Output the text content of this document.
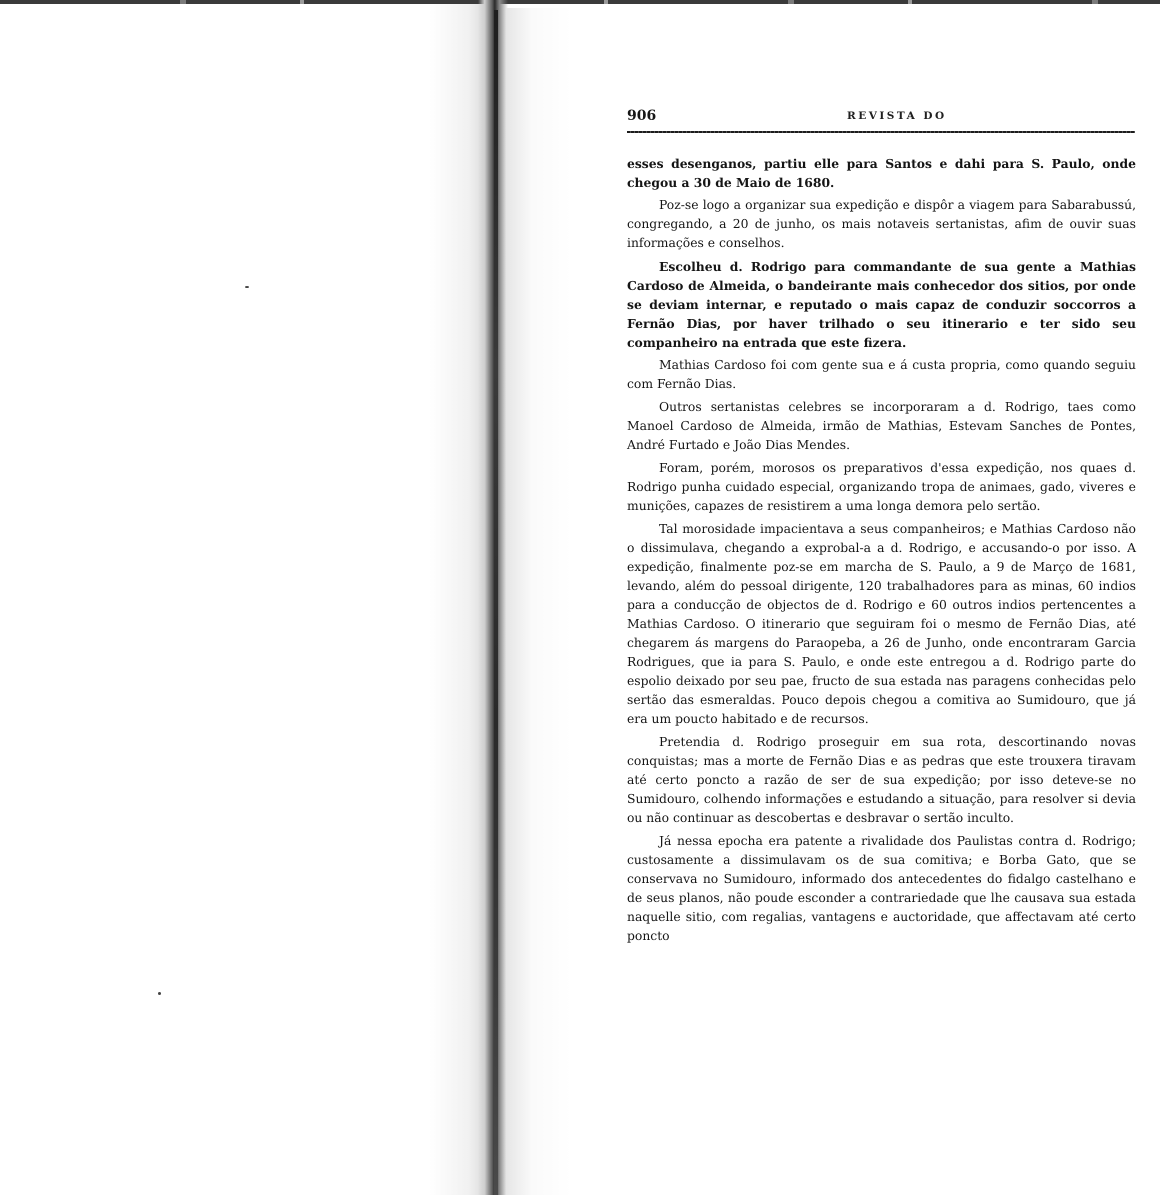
906	REVISTA DO

esses desenganos, partiu elle para Santos e dahi para S. Paulo, onde chegou a 30 de Maio de 1680.

Poz-se logo a organizar sua expedição e dispôr a viagem para Sabarabussú, congregando, a 20 de junho, os mais notaveis sertanistas, afim de ouvir suas informações e conselhos.

Escolheu d. Rodrigo para commandante de sua gente a Mathias Cardoso de Almeida, o bandeirante mais conhecedor dos sitios, por onde se deviam internar, e reputado o mais capaz de conduzir soccorros a Fernão Dias, por haver trilhado o seu itinerario e ter sido seu companheiro na entrada que este fizera.

Mathias Cardoso foi com gente sua e á custa propria, como quando seguiu com Fernão Dias.

Outros sertanistas celebres se incorporaram a d. Rodrigo, taes como Manoel Cardoso de Almeida, irmão de Mathias, Estevam Sanches de Pontes, André Furtado e João Dias Mendes.

Foram, porém, morosos os preparativos d'essa expedição, nos quaes d. Rodrigo punha cuidado especial, organizando tropa de animaes, gado, viveres e munições, capazes de resistirem a uma longa demora pelo sertão.

Tal morosidade impacientava a seus companheiros; e Mathias Cardoso não o dissimulava, chegando a exprobal-a a d. Rodrigo, e accusando-o por isso. A expedição, finalmente poz-se em marcha de S. Paulo, a 9 de Março de 1681, levando, além do pessoal dirigente, 120 trabalhadores para as minas, 60 indios para a conducção de objectos de d. Rodrigo e 60 outros indios pertencentes a Mathias Cardoso. O itinerario que seguiram foi o mesmo de Fernão Dias, até chegarem ás margens do Paraopeba, a 26 de Junho, onde encontraram Garcia Rodrigues, que ia para S. Paulo, e onde este entregou a d. Rodrigo parte do espolio deixado por seu pae, fructo de sua estada nas paragens conhecidas pelo sertão das esmeraldas. Pouco depois chegou a comitiva ao Sumidouro, que já era um poucto habitado e de recursos.

Pretendia d. Rodrigo proseguir em sua rota, descortinando novas conquistas; mas a morte de Fernão Dias e as pedras que este trouxera tiravam até certo poncto a razão de ser de sua expedição; por isso deteve-se no Sumidouro, colhendo informações e estudando a situação, para resolver si devia ou não continuar as descobertas e desbravar o sertão inculto.

Já nessa epocha era patente a rivalidade dos Paulistas contra d. Rodrigo; custosamente a dissimulavam os de sua comitiva; e Borba Gato, que se conservava no Sumidouro, informado dos antecedentes do fidalgo castelhano e de seus planos, não poude esconder a contrariedade que lhe causava sua estada naquelle sitio, com regalias, vantagens e auctoridade, que affectavam até certo poncto
